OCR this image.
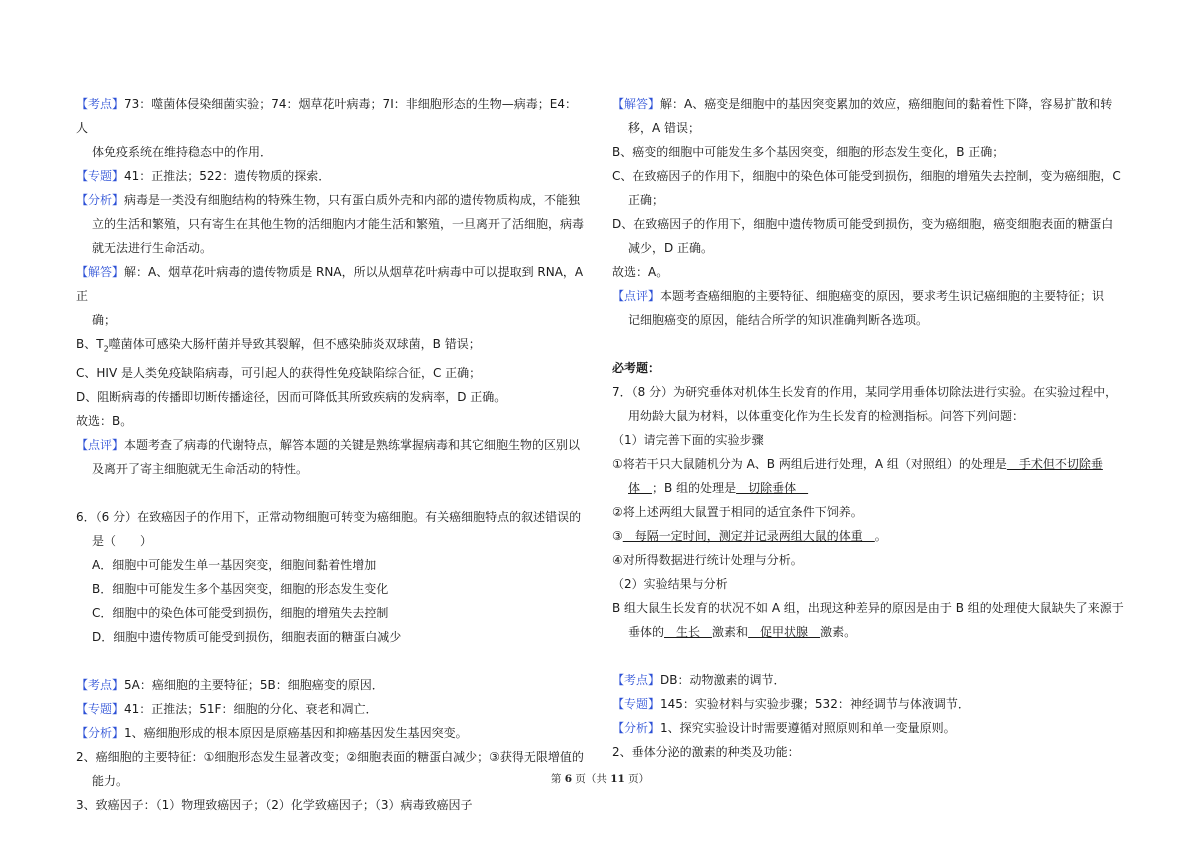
【考点】73：噬菌体侵染细菌实验；74：烟草花叶病毒；7I：非细胞形态的生物—病毒；E4：人

体免疫系统在维持稳态中的作用．

【专题】41：正推法；522：遗传物质的探索．

【分析】病毒是一类没有细胞结构的特殊生物，只有蛋白质外壳和内部的遗传物质构成，不能独

立的生活和繁殖，只有寄生在其他生物的活细胞内才能生活和繁殖，一旦离开了活细胞，病毒

就无法进行生命活动。

【解答】解：A、烟草花叶病毒的遗传物质是 RNA，所以从烟草花叶病毒中可以提取到 RNA，A 正

确；

B、$T_2$噬菌体可感染大肠杆菌并导致其裂解，但不感染肺炎双球菌，B 错误；

C、HIV 是人类免疫缺陷病毒，可引起人的获得性免疫缺陷综合征，C 正确；

D、阻断病毒的传播即切断传播途径，因而可降低其所致疾病的发病率，D 正确。

故选：B。

【点评】本题考查了病毒的代谢特点，解答本题的关键是熟练掌握病毒和其它细胞生物的区别以

及离开了寄主细胞就无生命活动的特性。

6．（6 分）在致癌因子的作用下，正常动物细胞可转变为癌细胞。有关癌细胞特点的叙述错误的

是（　　）

A．细胞中可能发生单一基因突变，细胞间黏着性增加

B．细胞中可能发生多个基因突变，细胞的形态发生变化

C．细胞中的染色体可能受到损伤，细胞的增殖失去控制

D．细胞中遗传物质可能受到损伤，细胞表面的糖蛋白减少

【考点】5A：癌细胞的主要特征；5B：细胞癌变的原因．

【专题】41：正推法；51F：细胞的分化、衰老和凋亡．

【分析】1、癌细胞形成的根本原因是原癌基因和抑癌基因发生基因突变。

2、癌细胞的主要特征：①细胞形态发生显著改变；②细胞表面的糖蛋白减少；③获得无限增值的

能力。

3、致癌因子：（1）物理致癌因子；（2）化学致癌因子；（3）病毒致癌因子

【解答】解：A、癌变是细胞中的基因突变累加的效应，癌细胞间的黏着性下降，容易扩散和转

移，A 错误；

B、癌变的细胞中可能发生多个基因突变，细胞的形态发生变化，B 正确；

C、在致癌因子的作用下，细胞中的染色体可能受到损伤，细胞的增殖失去控制，变为癌细胞，C

正确；

D、在致癌因子的作用下，细胞中遗传物质可能受到损伤，变为癌细胞，癌变细胞表面的糖蛋白

减少，D 正确。

故选：A。

【点评】本题考查癌细胞的主要特征、细胞癌变的原因，要求考生识记癌细胞的主要特征；识

记细胞癌变的原因，能结合所学的知识准确判断各选项。

必考题：

7．（8 分）为研究垂体对机体生长发育的作用，某同学用垂体切除法进行实验。在实验过程中，

用幼龄大鼠为材料，以体重变化作为生长发育的检测指标。问答下列问题：

（1）请完善下面的实验步骤

①将若干只大鼠随机分为 A、B 两组后进行处理，A 组（对照组）的处理是　手术但不切除垂

体　；B 组的处理是　切除垂体　

②将上述两组大鼠置于相同的适宜条件下饲养。

③　每隔一定时间，测定并记录两组大鼠的体重　。

④对所得数据进行统计处理与分析。

（2）实验结果与分析

B 组大鼠生长发育的状况不如 A 组，出现这种差异的原因是由于 B 组的处理使大鼠缺失了来源于

垂体的　生长　激素和　促甲状腺　激素。

【考点】DB：动物激素的调节．

【专题】145：实验材料与实验步骤；532：神经调节与体液调节．

【分析】1、探究实验设计时需要遵循对照原则和单一变量原则。

2、垂体分泌的激素的种类及功能：

第 6 页（共 11 页）
